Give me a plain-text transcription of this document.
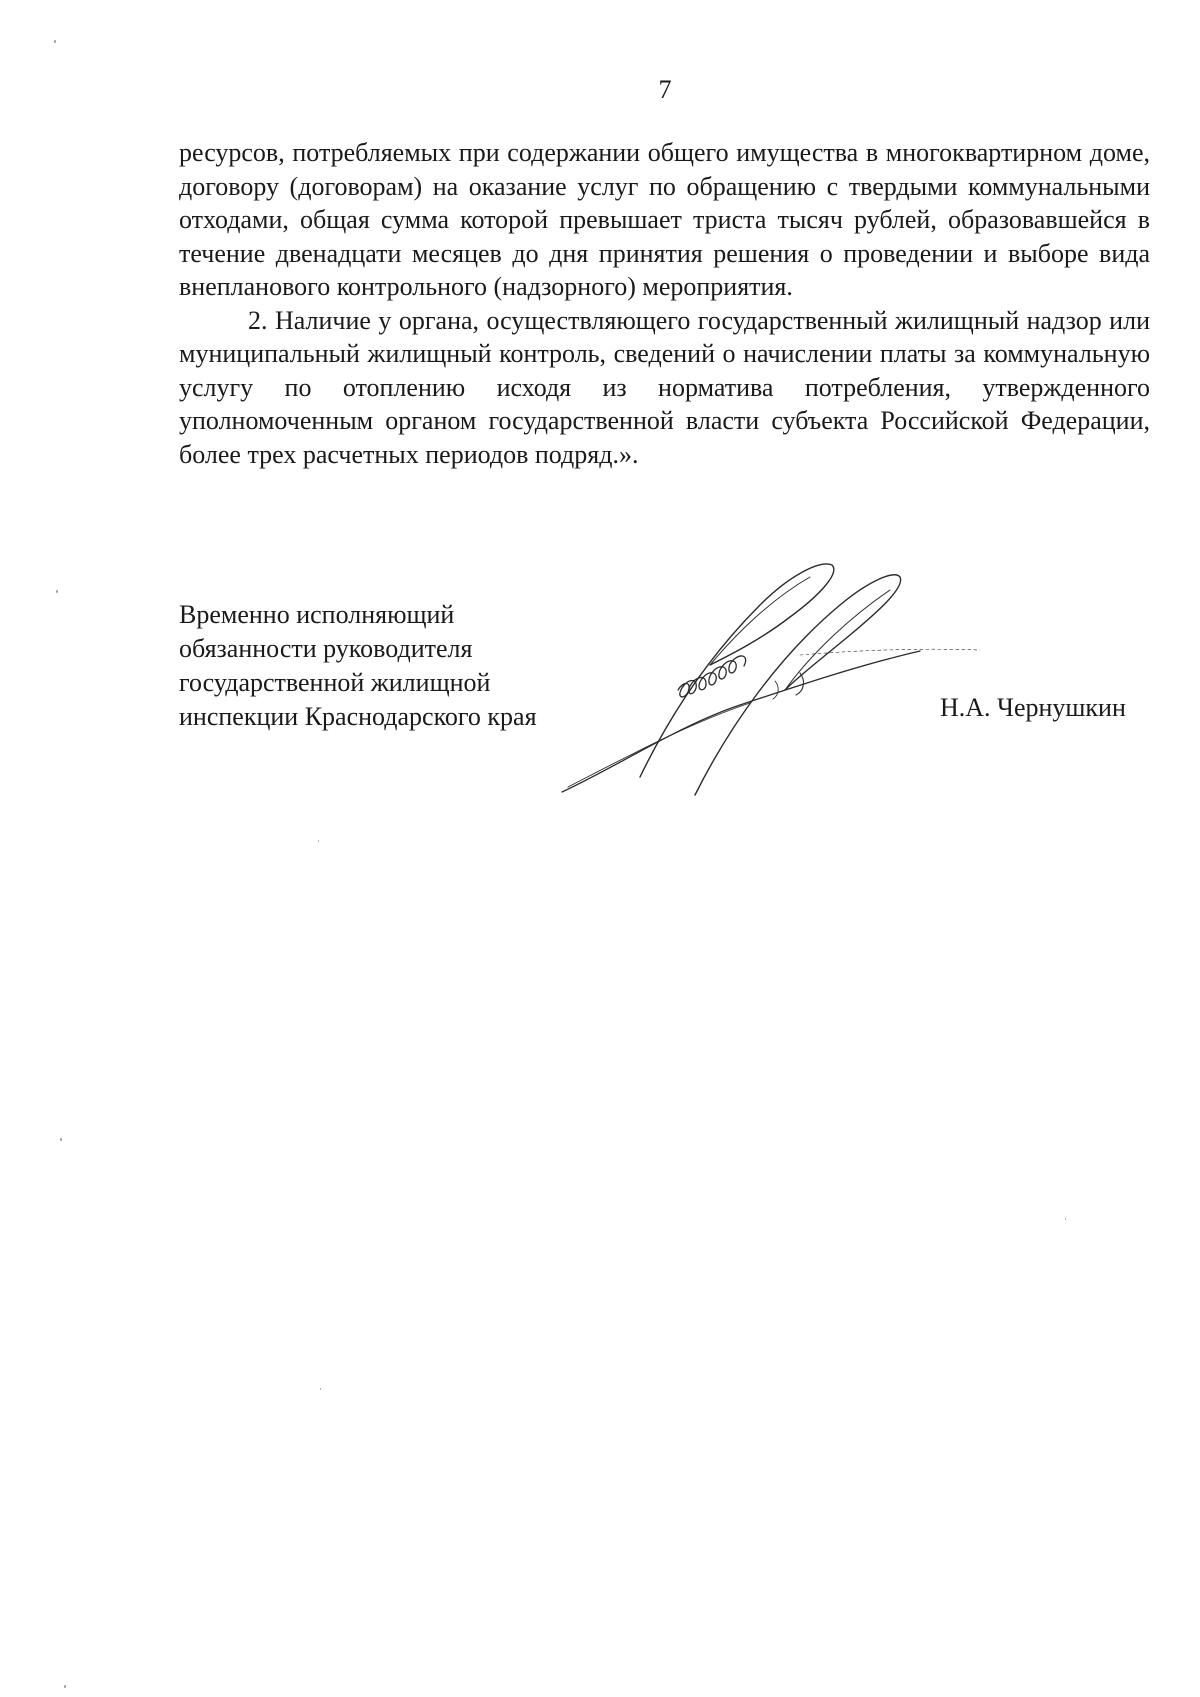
7

ресурсов, потребляемых при содержании общего имущества в многоквартирном доме, договору (договорам) на оказание услуг по обращению с твердыми коммунальными отходами, общая сумма которой превышает триста тысяч рублей, образовавшейся в течение двенадцати месяцев до дня принятия решения о проведении и выборе вида внепланового контрольного (надзорного) мероприятия.

2. Наличие у органа, осуществляющего государственный жилищный надзор или муниципальный жилищный контроль, сведений о начислении платы за коммунальную услугу по отоплению исходя из норматива потребления, утвержденного уполномоченным органом государственной власти субъекта Российской Федерации, более трех расчетных периодов подряд.».

Временно исполняющий
обязанности руководителя
государственной жилищной
инспекции Краснодарского края	Н.А. Чернушкин
